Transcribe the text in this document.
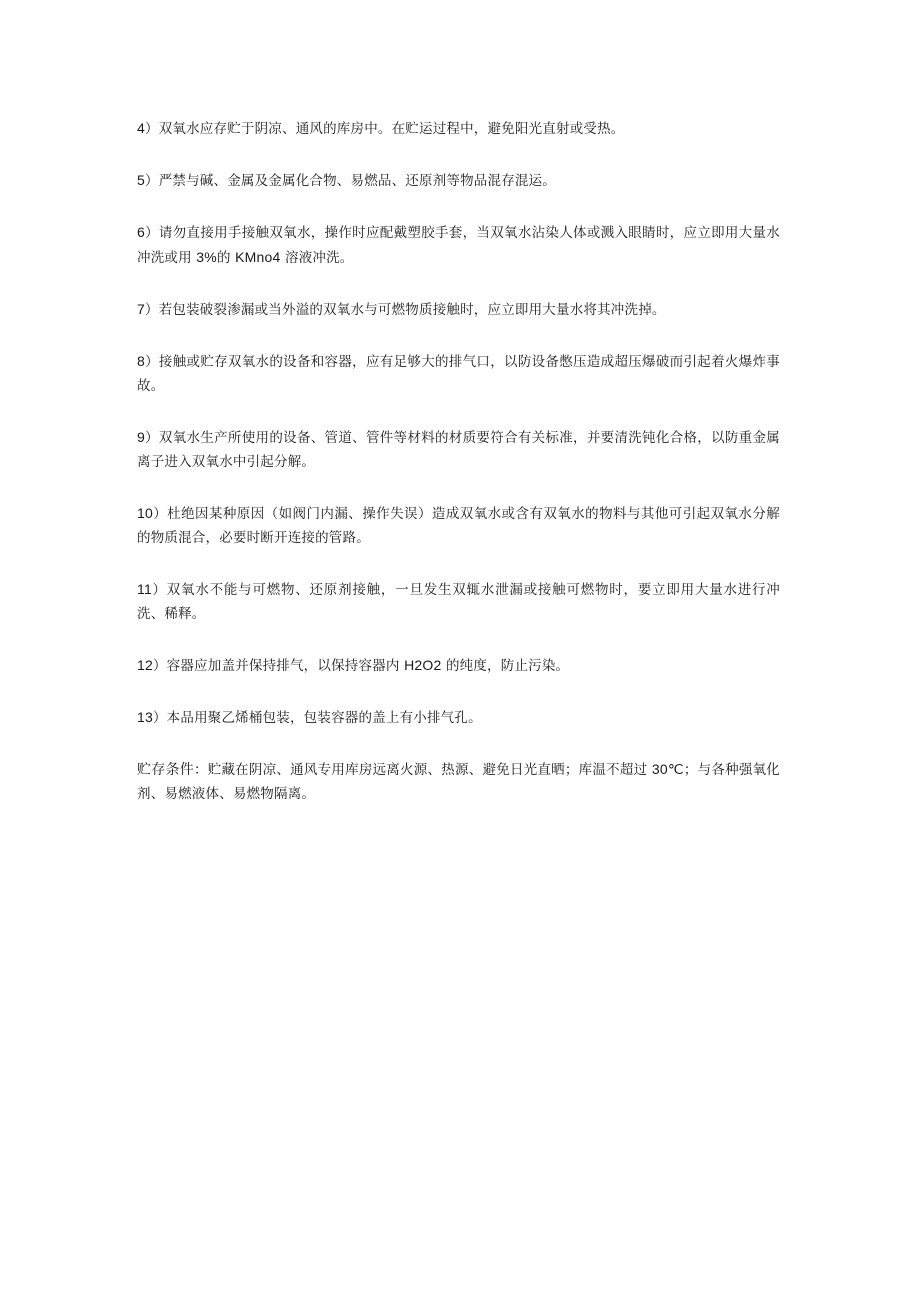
4）双氧水应存贮于阴凉、通风的库房中。在贮运过程中，避免阳光直射或受热。

5）严禁与碱、金属及金属化合物、易燃品、还原剂等物品混存混运。

6）请勿直接用手接触双氧水，操作时应配戴塑胶手套，当双氧水沾染人体或溅入眼睛时，应立即用大量水冲洗或用 3%的 KMno4 溶液冲洗。

7）若包装破裂渗漏或当外溢的双氧水与可燃物质接触时，应立即用大量水将其冲洗掉。

8）接触或贮存双氧水的设备和容器，应有足够大的排气口，以防设备憋压造成超压爆破而引起着火爆炸事故。

9）双氧水生产所使用的设备、管道、管件等材料的材质要符合有关标准，并要清洗钝化合格，以防重金属离子进入双氧水中引起分解。

10）杜绝因某种原因（如阀门内漏、操作失误）造成双氧水或含有双氧水的物料与其他可引起双氧水分解的物质混合，必要时断开连接的管路。

11）双氧水不能与可燃物、还原剂接触，一旦发生双辄水泄漏或接触可燃物时，要立即用大量水进行冲洗、稀释。

12）容器应加盖并保持排气，以保持容器内 H2O2 的纯度，防止污染。

13）本品用聚乙烯桶包装，包装容器的盖上有小排气孔。

贮存条件：贮藏在阴凉、通风专用库房远离火源、热源、避免日光直晒；库温不超过 30℃；与各种强氧化剂、易燃液体、易燃物隔离。
